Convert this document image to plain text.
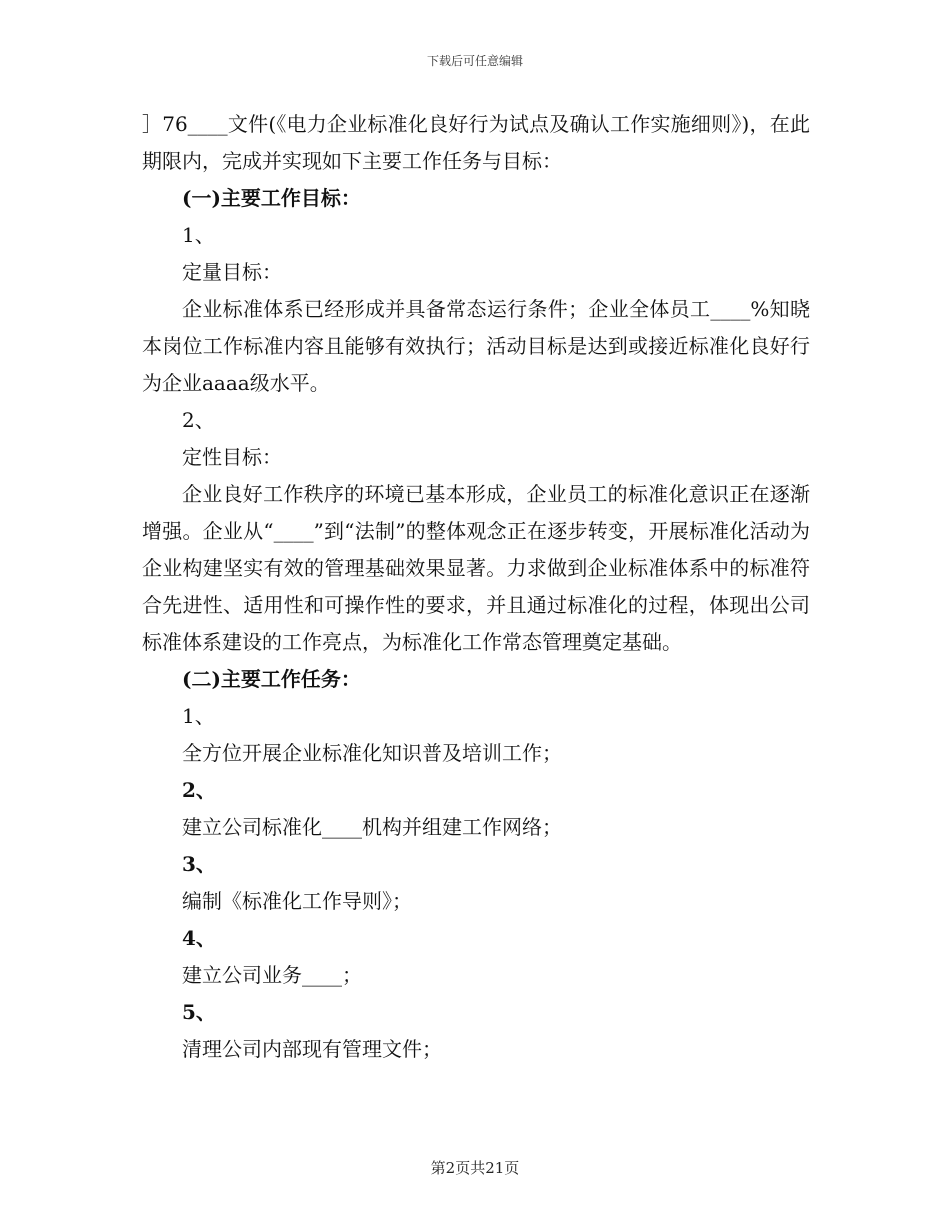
下载后可任意编辑

］76____文件(《电力企业标准化良好行为试点及确认工作实施细则》)，在此期限内，完成并实现如下主要工作任务与目标：

(一)主要工作目标：

1、

定量目标：

企业标准体系已经形成并具备常态运行条件；企业全体员工____%知晓本岗位工作标准内容且能够有效执行；活动目标是达到或接近标准化良好行为企业aaaa级水平。

2、

定性目标：

企业良好工作秩序的环境已基本形成，企业员工的标准化意识正在逐渐增强。企业从“____”到“法制”的整体观念正在逐步转变，开展标准化活动为企业构建坚实有效的管理基础效果显著。力求做到企业标准体系中的标准符合先进性、适用性和可操作性的要求，并且通过标准化的过程，体现出公司标准体系建设的工作亮点，为标准化工作常态管理奠定基础。

(二)主要工作任务：

1、

全方位开展企业标准化知识普及培训工作；

2、

建立公司标准化____机构并组建工作网络；

3、

编制《标准化工作导则》；

4、

建立公司业务____；

5、

清理公司内部现有管理文件；

第2页共21页
